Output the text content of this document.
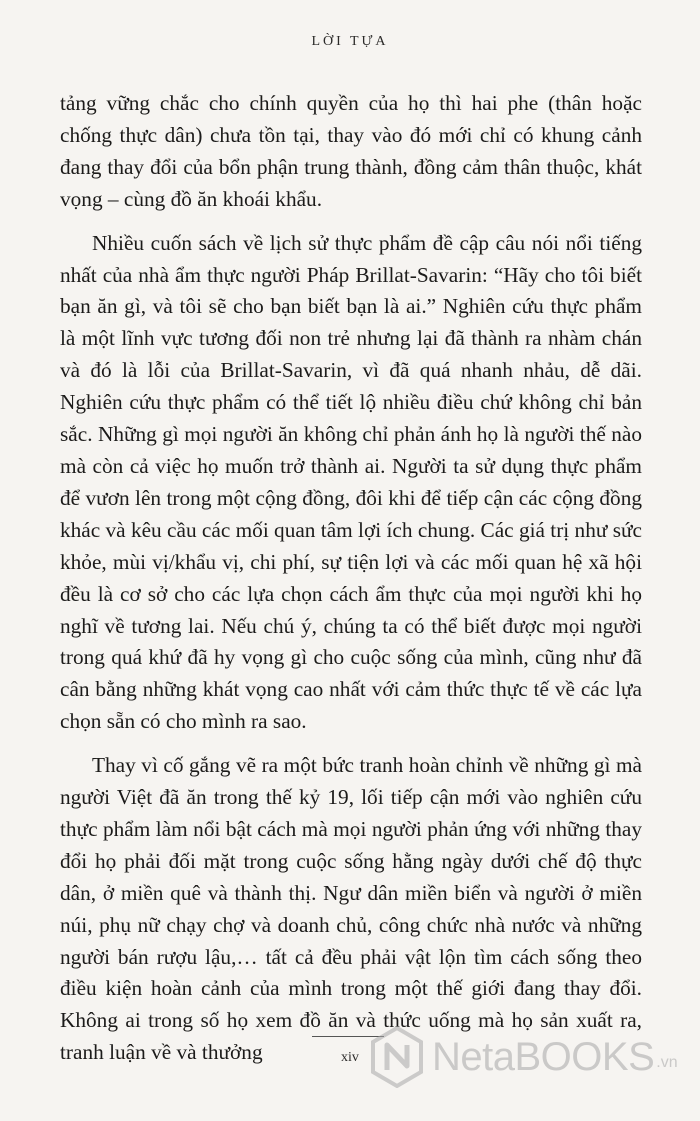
LỜI TỰA

tảng vững chắc cho chính quyền của họ thì hai phe (thân hoặc chống thực dân) chưa tồn tại, thay vào đó mới chỉ có khung cảnh đang thay đổi của bổn phận trung thành, đồng cảm thân thuộc, khát vọng – cùng đồ ăn khoái khẩu.

Nhiều cuốn sách về lịch sử thực phẩm đề cập câu nói nổi tiếng nhất của nhà ẩm thực người Pháp Brillat-Savarin: “Hãy cho tôi biết bạn ăn gì, và tôi sẽ cho bạn biết bạn là ai.” Nghiên cứu thực phẩm là một lĩnh vực tương đối non trẻ nhưng lại đã thành ra nhàm chán và đó là lỗi của Brillat-Savarin, vì đã quá nhanh nhảu, dễ dãi. Nghiên cứu thực phẩm có thể tiết lộ nhiều điều chứ không chỉ bản sắc. Những gì mọi người ăn không chỉ phản ánh họ là người thế nào mà còn cả việc họ muốn trở thành ai. Người ta sử dụng thực phẩm để vươn lên trong một cộng đồng, đôi khi để tiếp cận các cộng đồng khác và kêu cầu các mối quan tâm lợi ích chung. Các giá trị như sức khỏe, mùi vị/khẩu vị, chi phí, sự tiện lợi và các mối quan hệ xã hội đều là cơ sở cho các lựa chọn cách ẩm thực của mọi người khi họ nghĩ về tương lai. Nếu chú ý, chúng ta có thể biết được mọi người trong quá khứ đã hy vọng gì cho cuộc sống của mình, cũng như đã cân bằng những khát vọng cao nhất với cảm thức thực tế về các lựa chọn sẵn có cho mình ra sao.

Thay vì cố gắng vẽ ra một bức tranh hoàn chỉnh về những gì mà người Việt đã ăn trong thế kỷ 19, lối tiếp cận mới vào nghiên cứu thực phẩm làm nổi bật cách mà mọi người phản ứng với những thay đổi họ phải đối mặt trong cuộc sống hằng ngày dưới chế độ thực dân, ở miền quê và thành thị. Ngư dân miền biển và người ở miền núi, phụ nữ chạy chợ và doanh chủ, công chức nhà nước và những người bán rượu lậu,… tất cả đều phải vật lộn tìm cách sống theo điều kiện hoàn cảnh của mình trong một thế giới đang thay đổi. Không ai trong số họ xem đồ ăn và thức uống mà họ sản xuất ra, tranh luận về và thưởng	xiv	NetaBOOKS .vn
